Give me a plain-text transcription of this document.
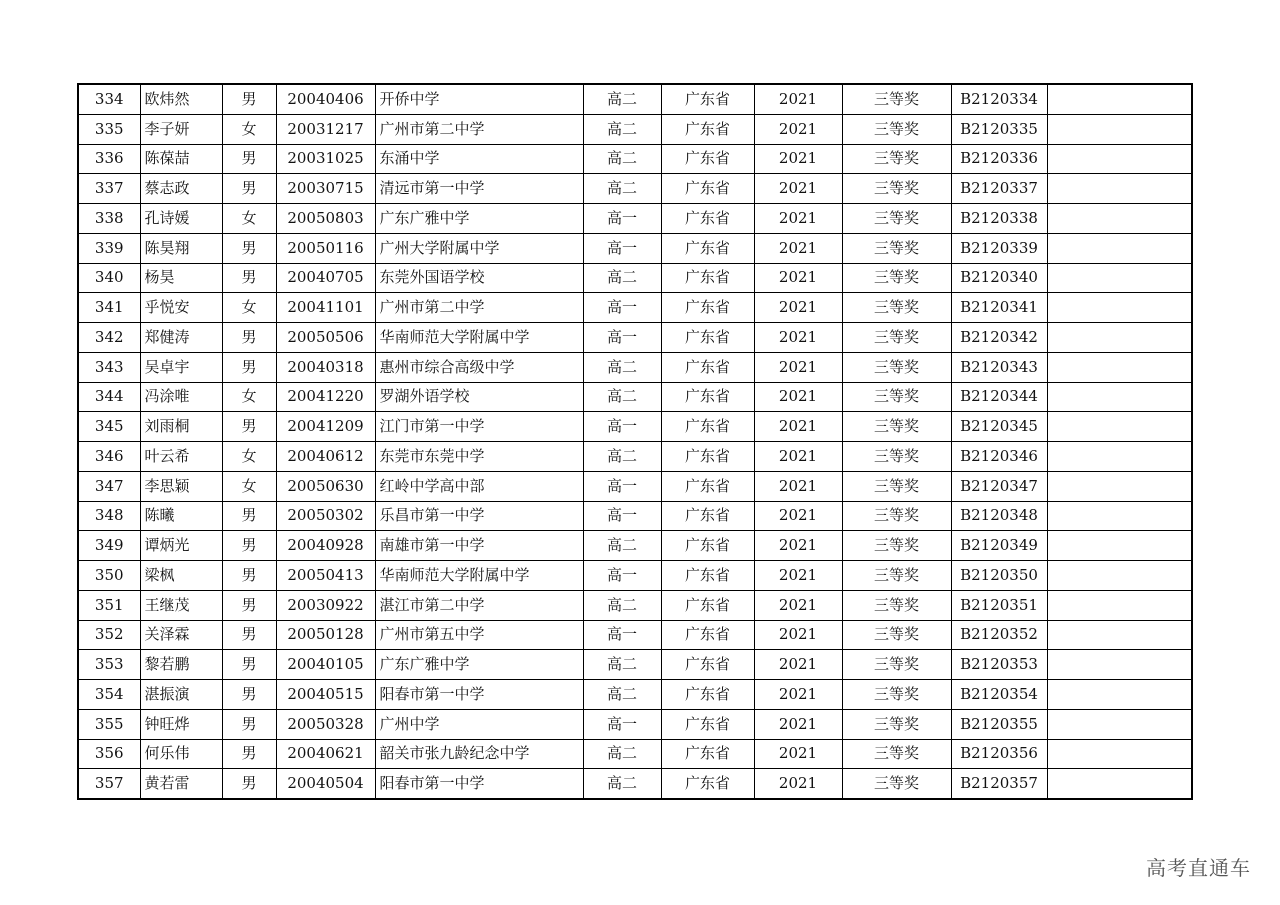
334	欧炜然	男	20040406	开侨中学	高二	广东省	2021	三等奖	B2120334	
335	李子妍	女	20031217	广州市第二中学	高二	广东省	2021	三等奖	B2120335	
336	陈葆喆	男	20031025	东涌中学	高二	广东省	2021	三等奖	B2120336	
337	蔡志政	男	20030715	清远市第一中学	高二	广东省	2021	三等奖	B2120337	
338	孔诗媛	女	20050803	广东广雅中学	高一	广东省	2021	三等奖	B2120338	
339	陈昊翔	男	20050116	广州大学附属中学	高一	广东省	2021	三等奖	B2120339	
340	杨昊	男	20040705	东莞外国语学校	高二	广东省	2021	三等奖	B2120340	
341	乎悦安	女	20041101	广州市第二中学	高一	广东省	2021	三等奖	B2120341	
342	郑健涛	男	20050506	华南师范大学附属中学	高一	广东省	2021	三等奖	B2120342	
343	吴卓宇	男	20040318	惠州市综合高级中学	高二	广东省	2021	三等奖	B2120343	
344	冯涂唯	女	20041220	罗湖外语学校	高二	广东省	2021	三等奖	B2120344	
345	刘雨桐	男	20041209	江门市第一中学	高一	广东省	2021	三等奖	B2120345	
346	叶云希	女	20040612	东莞市东莞中学	高二	广东省	2021	三等奖	B2120346	
347	李思颖	女	20050630	红岭中学高中部	高一	广东省	2021	三等奖	B2120347	
348	陈曦	男	20050302	乐昌市第一中学	高一	广东省	2021	三等奖	B2120348	
349	谭炳光	男	20040928	南雄市第一中学	高二	广东省	2021	三等奖	B2120349	
350	梁枫	男	20050413	华南师范大学附属中学	高一	广东省	2021	三等奖	B2120350	
351	王继茂	男	20030922	湛江市第二中学	高二	广东省	2021	三等奖	B2120351	
352	关泽霖	男	20050128	广州市第五中学	高一	广东省	2021	三等奖	B2120352	
353	黎若鹏	男	20040105	广东广雅中学	高二	广东省	2021	三等奖	B2120353	
354	湛振演	男	20040515	阳春市第一中学	高二	广东省	2021	三等奖	B2120354	
355	钟旺烨	男	20050328	广州中学	高一	广东省	2021	三等奖	B2120355	
356	何乐伟	男	20040621	韶关市张九龄纪念中学	高二	广东省	2021	三等奖	B2120356	
357	黄若雷	男	20040504	阳春市第一中学	高二	广东省	2021	三等奖	B2120357	
高考直通车
